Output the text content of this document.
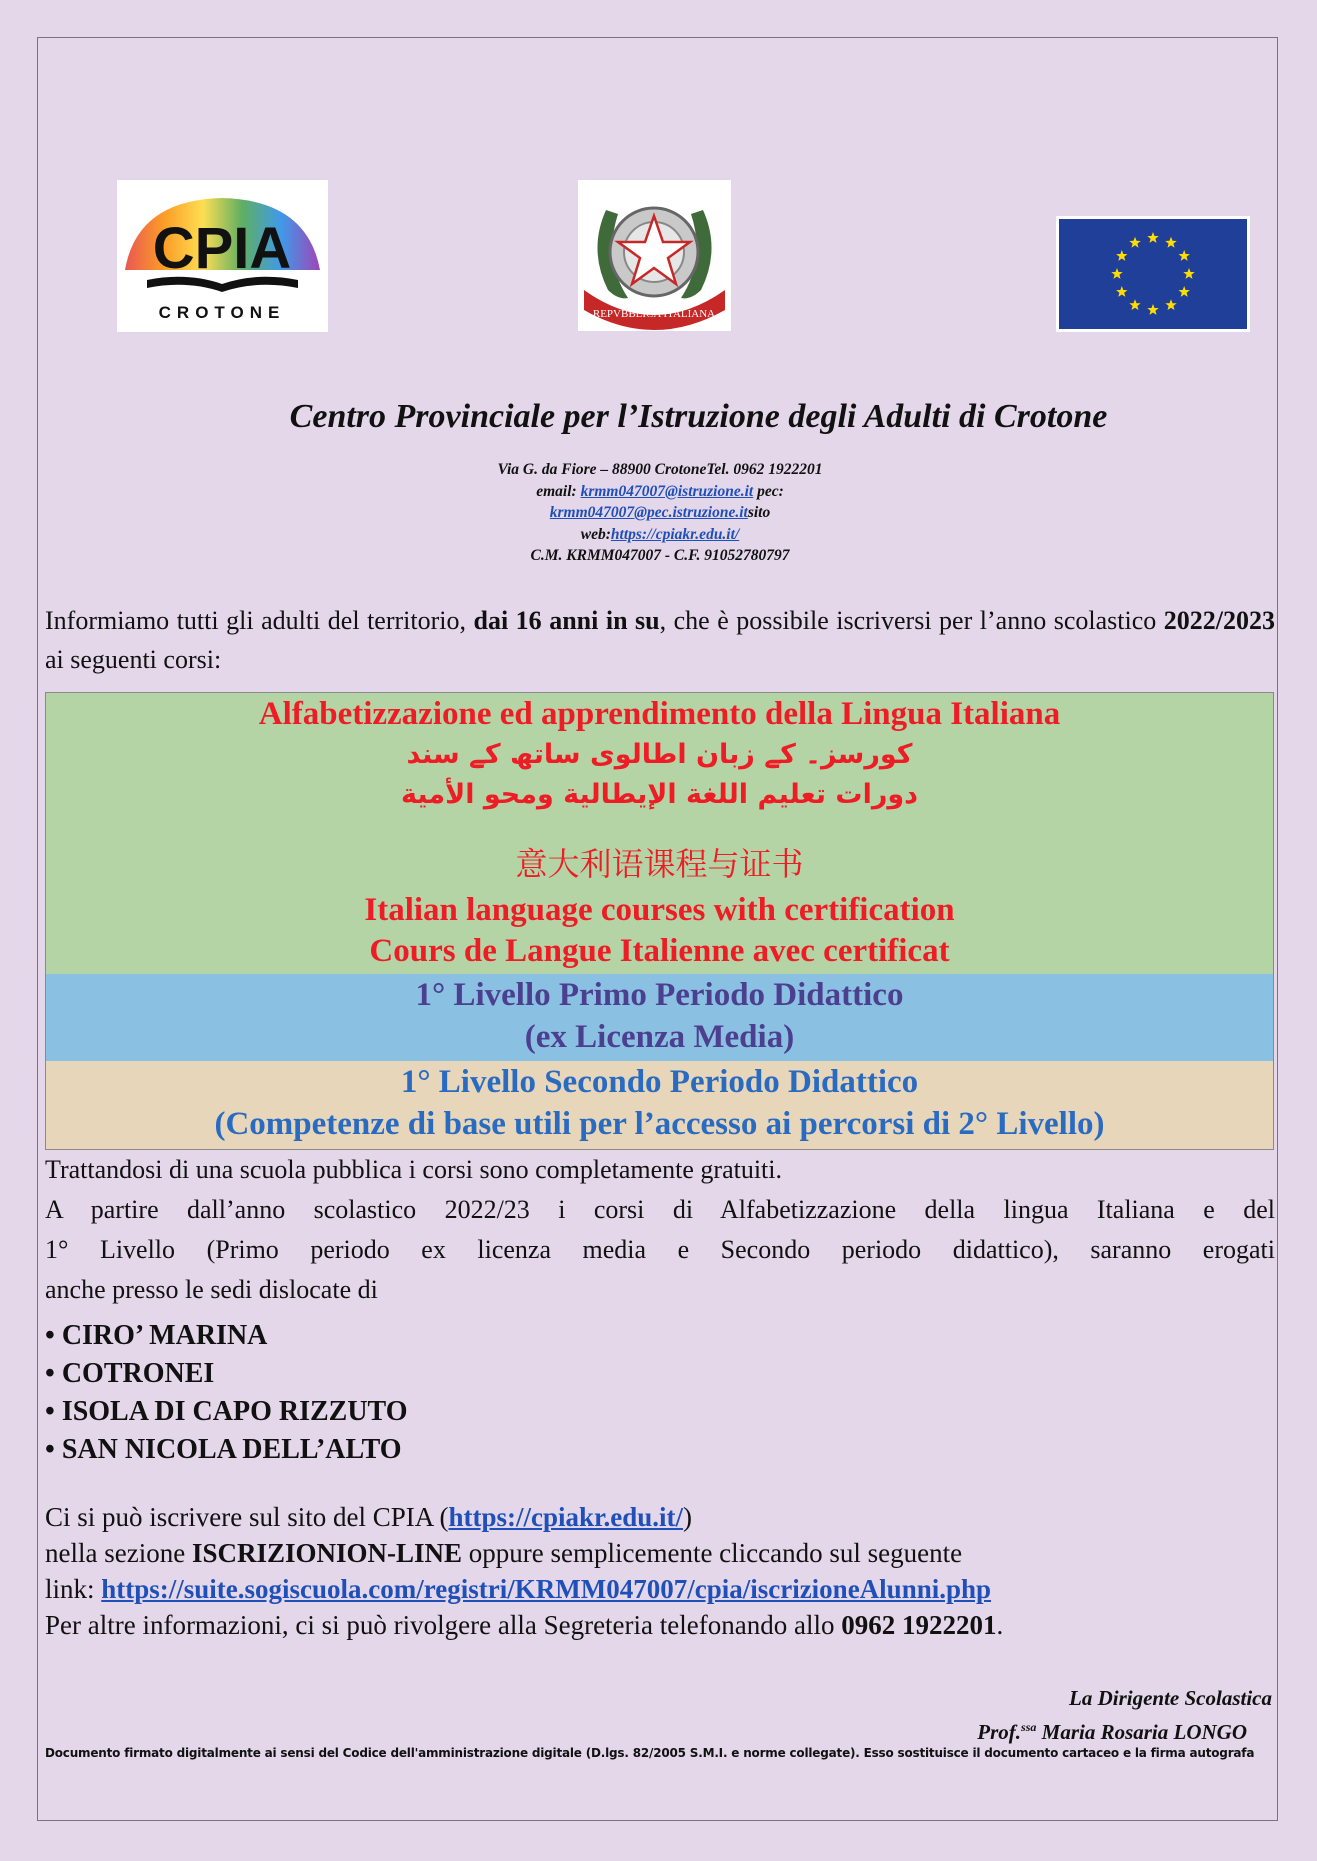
CPIA
CROTONE	REPVBBLICA ITALIANA
Centro Provinciale per l’Istruzione degli Adulti di Crotone
Via G. da Fiore – 88900 CrotoneTel. 0962 1922201
email: krmm047007@istruzione.it pec:
krmm047007@pec.istruzione.itsito
web:https://cpiakr.edu.it/
C.M. KRMM047007 - C.F. 91052780797
Informiamo tutti gli adulti del territorio, dai 16 anni in su, che è possibile iscriversi per l’anno scolastico 2022/2023 ai seguenti corsi:
Alfabetizzazione ed apprendimento della Lingua Italiana
کورسز۔ کے زبان اطالوی ساتھ کے سند
دورات تعليم اللغة الإيطالية ومحو الأمية
意大利语课程与证书
Italian language courses with certification
Cours de Langue Italienne avec certificat
1° Livello Primo Periodo Didattico
(ex Licenza Media)
1° Livello Secondo Periodo Didattico
(Competenze di base utili per l’accesso ai percorsi di 2° Livello)

Trattandosi di una scuola pubblica i corsi sono completamente gratuiti.

A partire dall’anno scolastico 2022/23 i corsi di Alfabetizzazione della lingua Italiana e del

1° Livello (Primo periodo ex licenza media e Secondo periodo didattico), saranno erogati

anche presso le sedi dislocate di

• CIRO’ MARINA
• COTRONEI
• ISOLA DI CAPO RIZZUTO
• SAN NICOLA DELL’ALTO

Ci si può iscrivere sul sito del CPIA (https://cpiakr.edu.it/)

nella sezione ISCRIZIONION-LINE oppure semplicemente cliccando sul seguente

link: https://suite.sogiscuola.com/registri/KRMM047007/cpia/iscrizioneAlunni.php

Per altre informazioni, ci si può rivolgere alla Segreteria telefonando allo 0962 1922201.

La Dirigente Scolastica
Prof.$^{ssa}$ Maria Rosaria LONGO
Documento firmato digitalmente ai sensi del Codice dell'amministrazione digitale (D.lgs. 82/2005 S.M.I. e norme collegate). Esso sostituisce il documento cartaceo e la firma autografa
